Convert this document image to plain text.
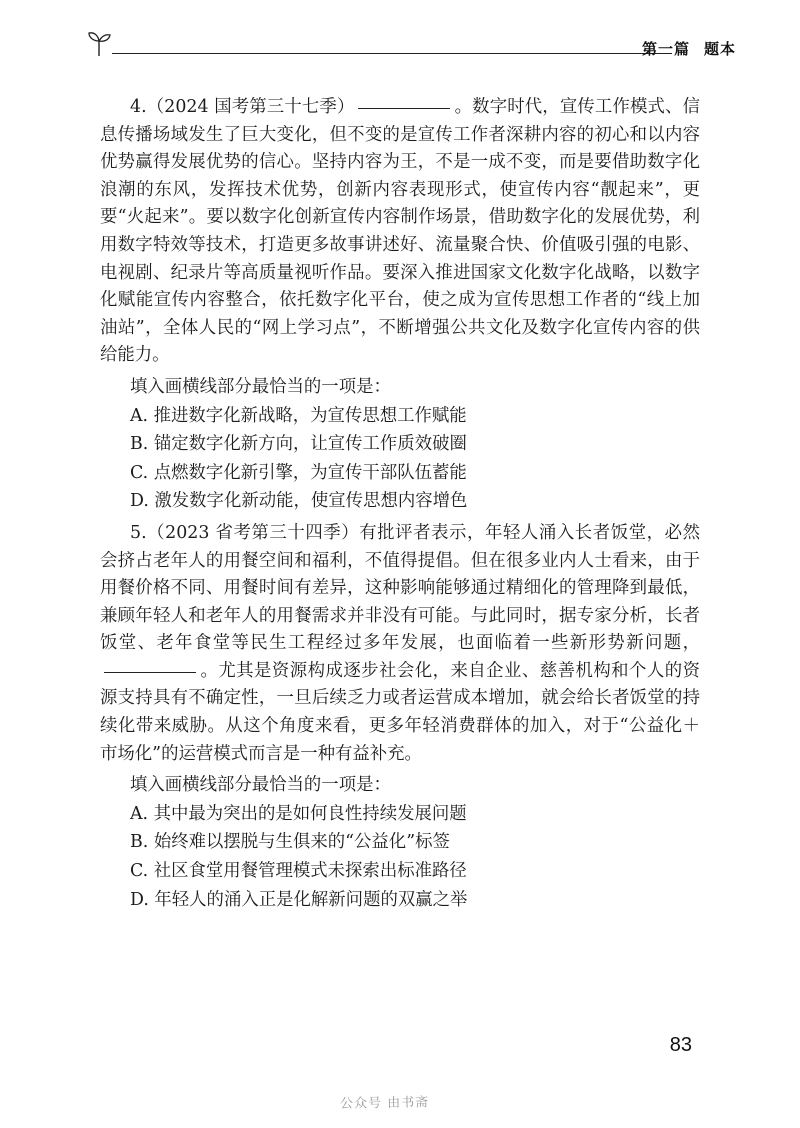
第一篇 题本

4.（2024 国考第三十七季）	。数字时代，宣传工作模式、信息传播场域发生了巨大变化，但不变的是宣传工作者深耕内容的初心和以内容优势赢得发展优势的信心。坚持内容为王，不是一成不变，而是要借助数字化浪潮的东风，发挥技术优势，创新内容表现形式，使宣传内容“靓起来”，更要“火起来”。要以数字化创新宣传内容制作场景，借助数字化的发展优势，利用数字特效等技术，打造更多故事讲述好、流量聚合快、价值吸引强的电影、电视剧、纪录片等高质量视听作品。要深入推进国家文化数字化战略，以数字化赋能宣传内容整合，依托数字化平台，使之成为宣传思想工作者的“线上加油站”，全体人民的“网上学习点”，不断增强公共文化及数字化宣传内容的供给能力。

填入画横线部分最恰当的一项是：

A. 推进数字化新战略，为宣传思想工作赋能

B. 锚定数字化新方向，让宣传工作质效破圈

C. 点燃数字化新引擎，为宣传干部队伍蓄能

D. 激发数字化新动能，使宣传思想内容增色

5.（2023 省考第三十四季）有批评者表示，年轻人涌入长者饭堂，必然会挤占老年人的用餐空间和福利，不值得提倡。但在很多业内人士看来，由于用餐价格不同、用餐时间有差异，这种影响能够通过精细化的管理降到最低，兼顾年轻人和老年人的用餐需求并非没有可能。与此同时，据专家分析，长者饭堂、老年食堂等民生工程经过多年发展，也面临着一些新形势新问题，。尤其是资源构成逐步社会化，来自企业、慈善机构和个人的资源支持具有不确定性，一旦后续乏力或者运营成本增加，就会给长者饭堂的持续化带来威胁。从这个角度来看，更多年轻消费群体的加入，对于“公益化＋市场化”的运营模式而言是一种有益补充。

填入画横线部分最恰当的一项是：

A. 其中最为突出的是如何良性持续发展问题

B. 始终难以摆脱与生俱来的“公益化”标签

C. 社区食堂用餐管理模式未探索出标准路径

D. 年轻人的涌入正是化解新问题的双赢之举

83
公众号 由书斋
